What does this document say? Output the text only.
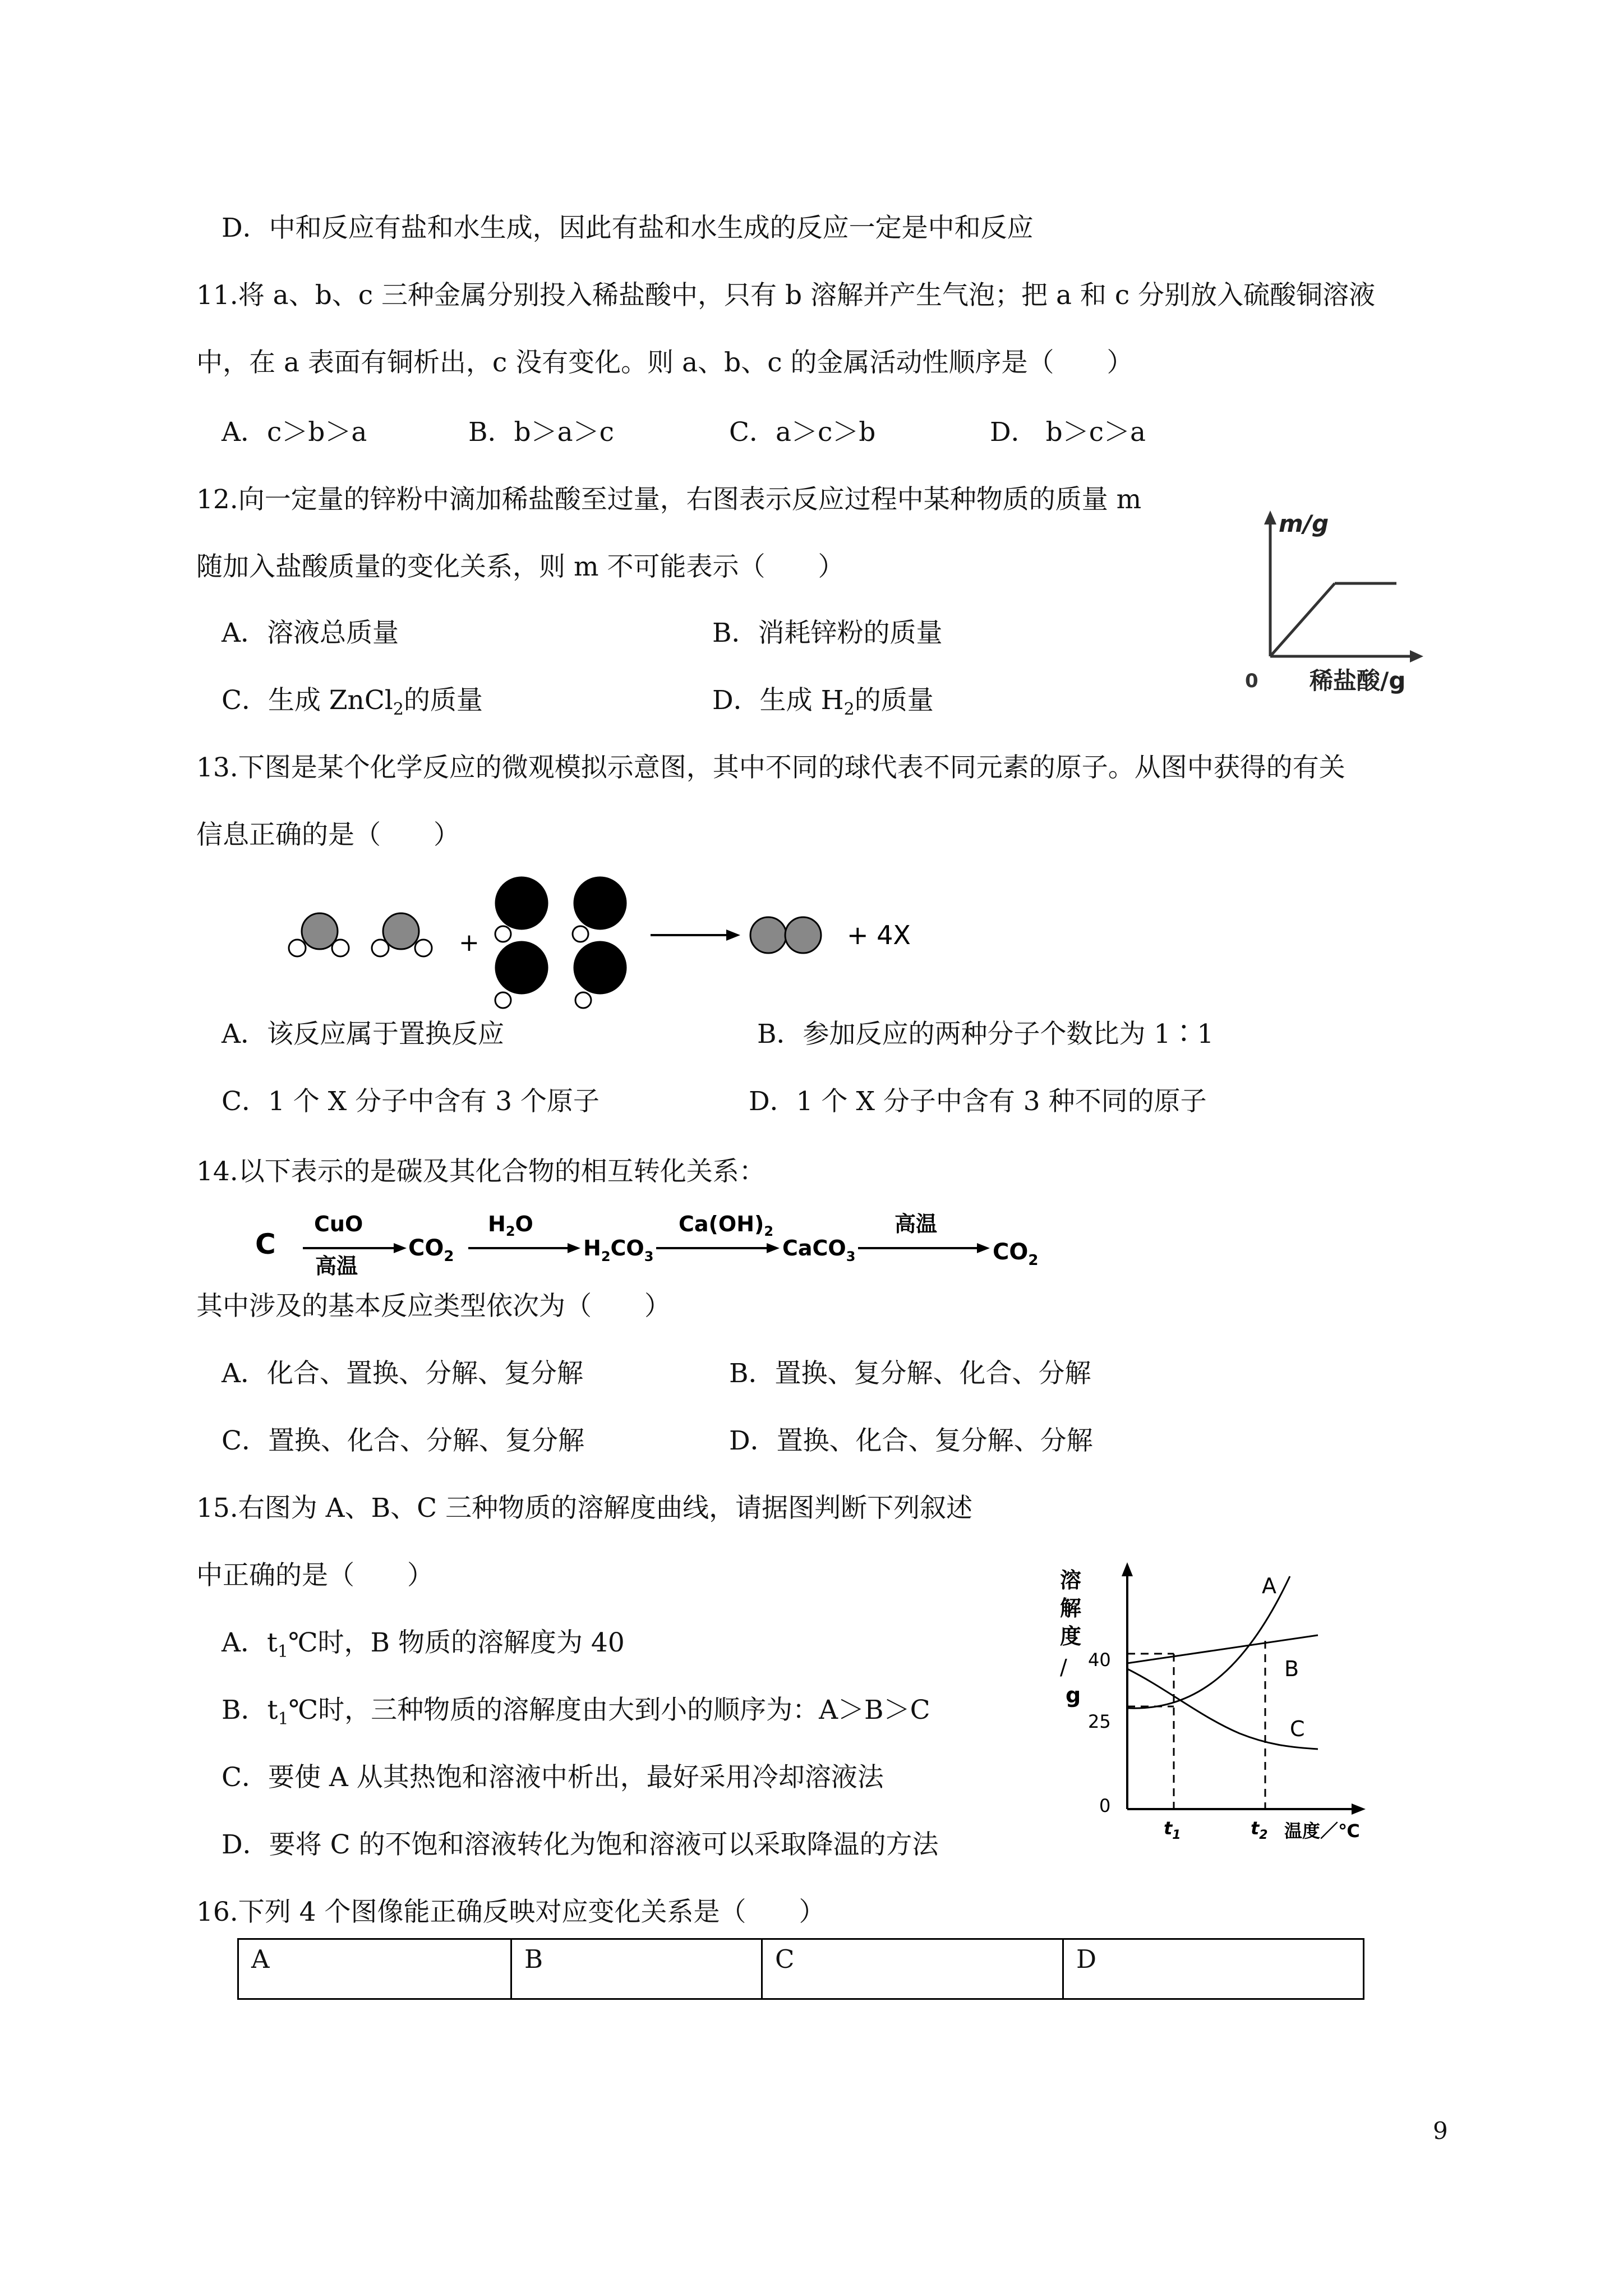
D．中和反应有盐和水生成，因此有盐和水生成的反应一定是中和反应
11.将 a、b、c 三种金属分别投入稀盐酸中，只有 b 溶解并产生气泡；把 a 和 c 分别放入硫酸铜溶液
中，在 a 表面有铜析出，c 没有变化。则 a、b、c 的金属活动性顺序是（　　）
A．c＞b＞a	B．b＞a＞c	C．a＞c＞b	D． b＞c＞a
12.向一定量的锌粉中滴加稀盐酸至过量，右图表示反应过程中某种物质的质量 m
随加入盐酸质量的变化关系，则 m 不可能表示（　　）
A．溶液总质量	B．消耗锌粉的质量
C．生成 ZnCl$_2$的质量	D．生成 $H_2$的质量
13.下图是某个化学反应的微观模拟示意图，其中不同的球代表不同元素的原子。从图中获得的有关
信息正确的是（　　）
A．该反应属于置换反应	B．参加反应的两种分子个数比为 1∶1
C．1 个 X 分子中含有 3 个原子	D．1 个 X 分子中含有 3 种不同的原子
14.以下表示的是碳及其化合物的相互转化关系：
其中涉及的基本反应类型依次为（　　）
A．化合、置换、分解、复分解	B．置换、复分解、化合、分解
C．置换、化合、分解、复分解	D．置换、化合、复分解、分解
15.右图为 A、B、C 三种物质的溶解度曲线，请据图判断下列叙述
中正确的是（　　）
A．$t_1℃$时，B 物质的溶解度为 40
B．$t_1℃$时，三种物质的溶解度由大到小的顺序为：A＞B＞C
C．要使 A 从其热饱和溶液中析出，最好采用冷却溶液法
D．要将 C 的不饱和溶液转化为饱和溶液可以采取降温的方法
16.下列 4 个图像能正确反映对应变化关系是（　　）
A	B	C	D
9
m/g
0 稀盐酸/g
+	+ 4X
C
CuO
高温
$CO_2$
$H_2O$
$H_2CO_3$
$Ca(OH)_2$
CaCO$_3$
高温
$CO_2$
溶
解
度
/
g
40
25
0
$t_1$	$t_2$ 温度／℃
A
B
C
